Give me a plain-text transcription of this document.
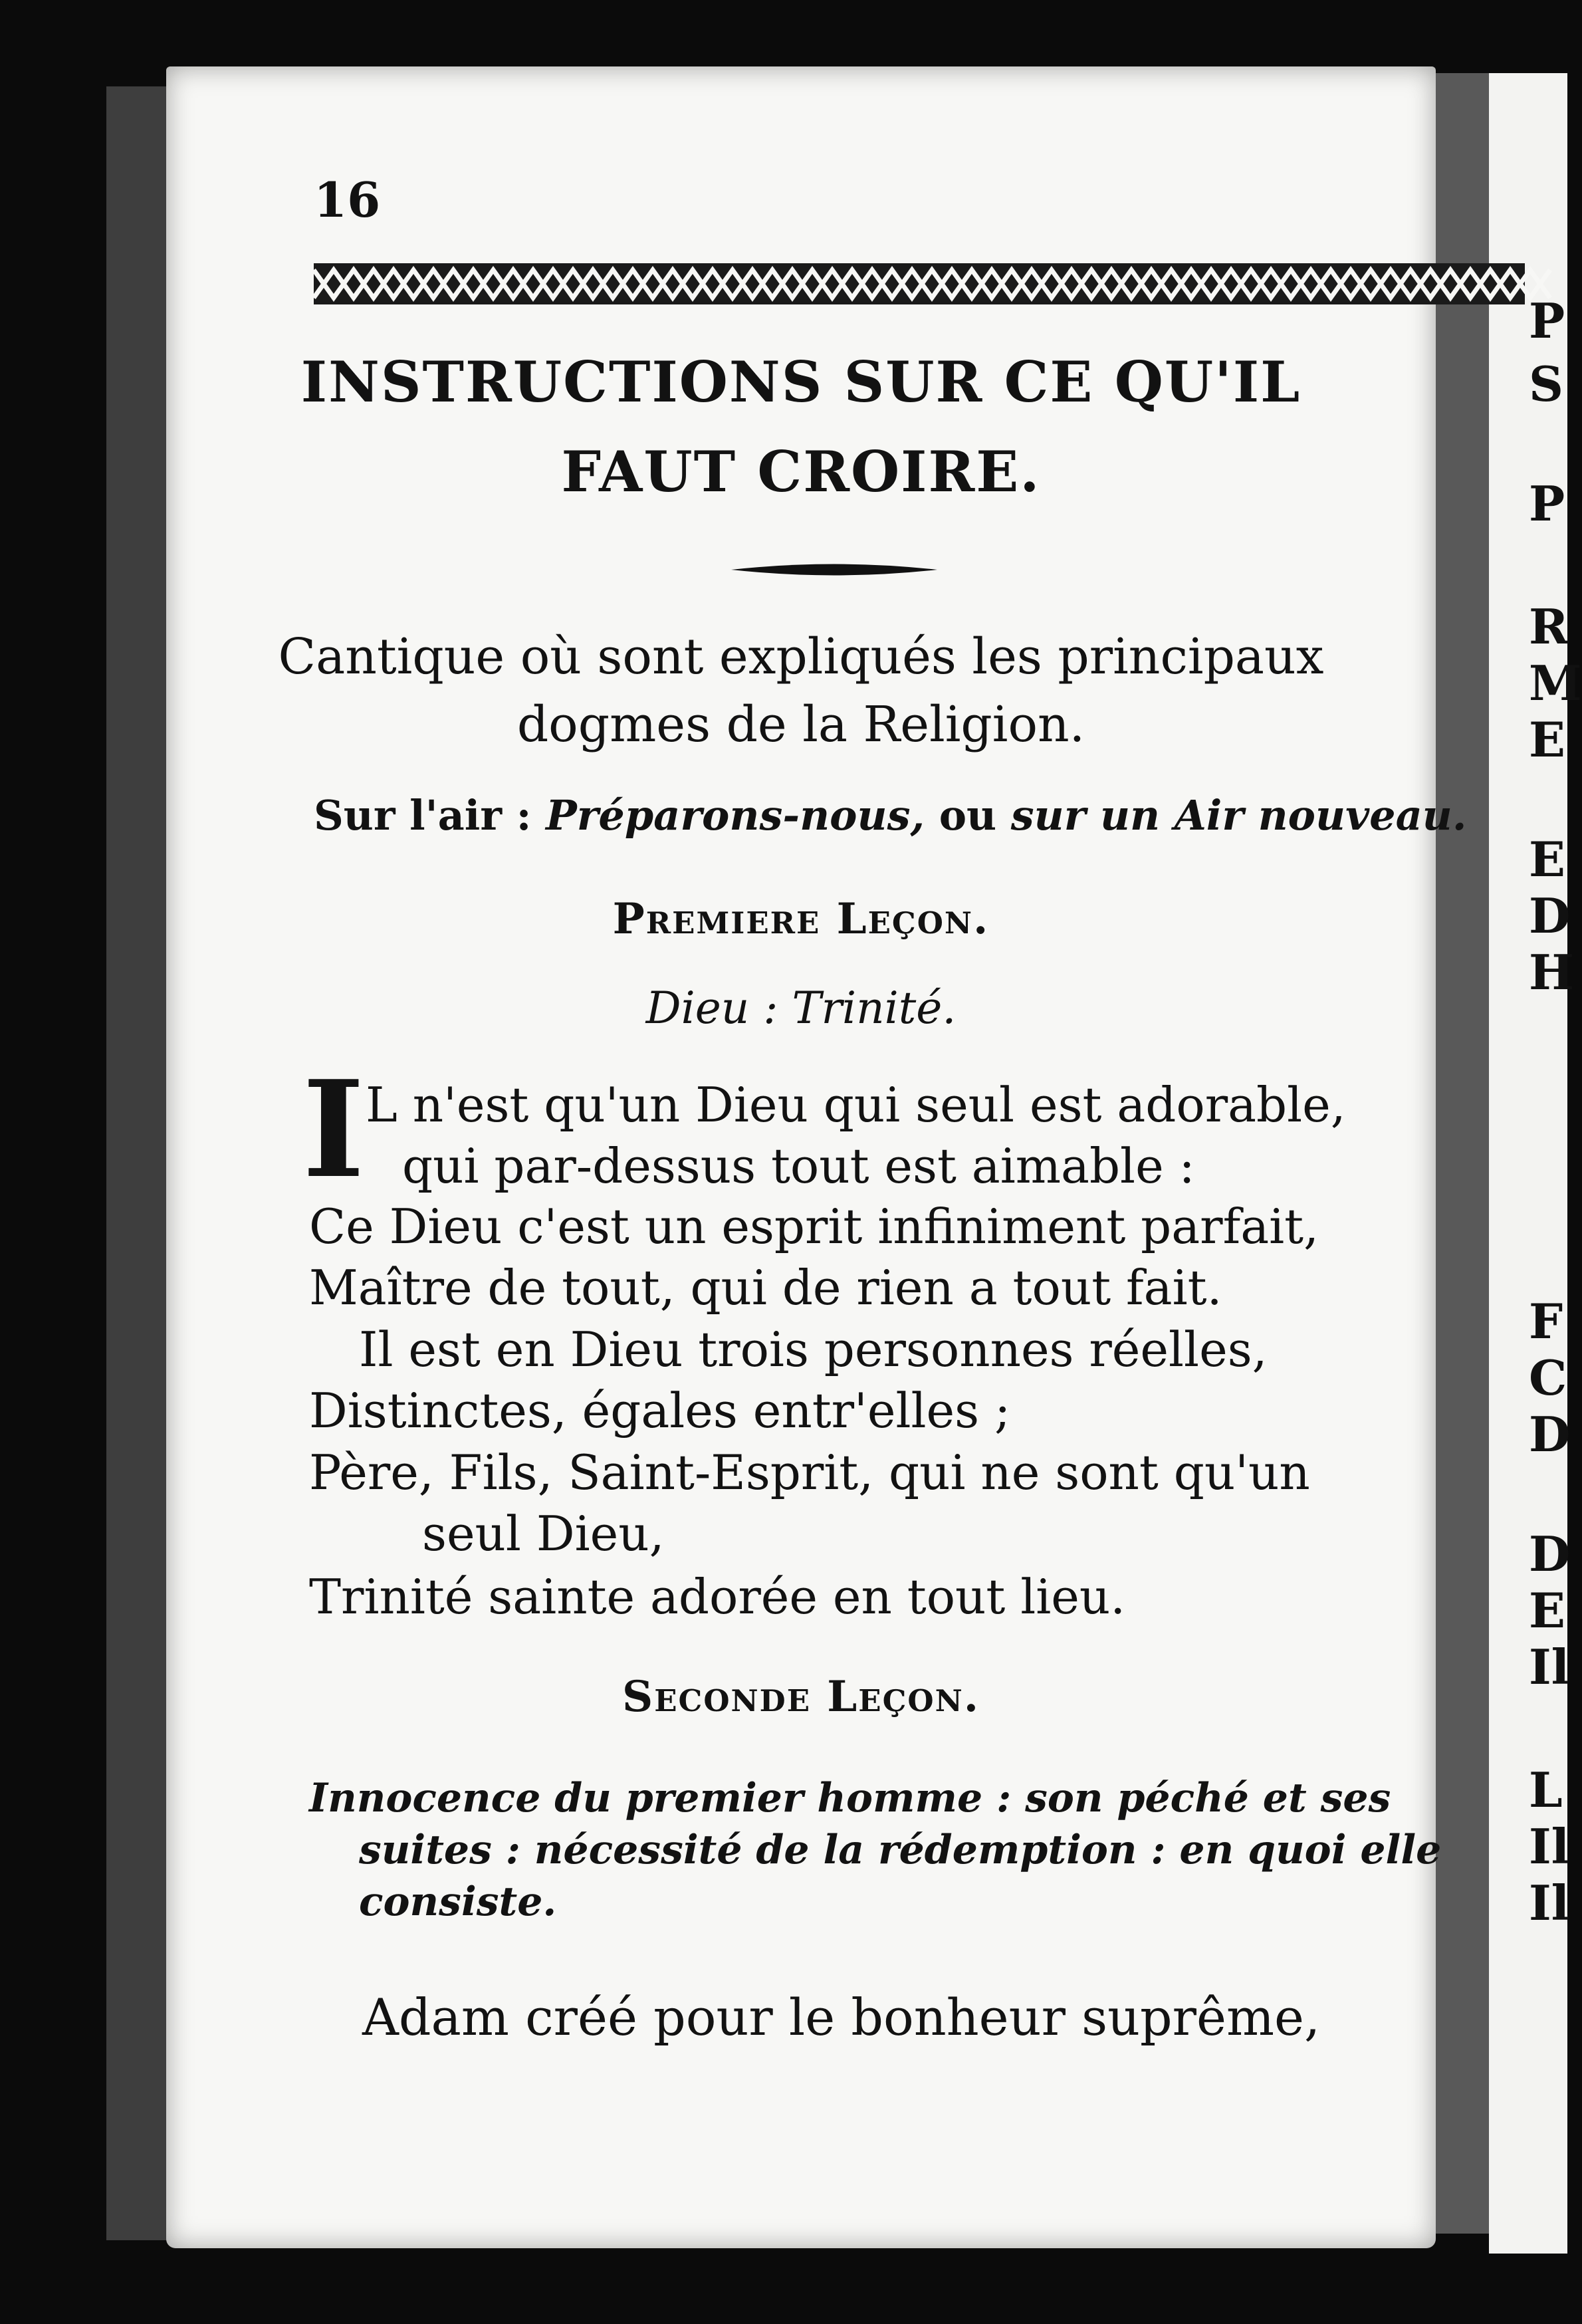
16

INSTRUCTIONS SUR CE QU'IL

FAUT CROIRE.

Cantique où sont expliqués les principaux

dogmes de la Religion.

Sur l'air : Préparons-nous, ou sur un Air nouveau.

Premiere Leçon.

Dieu : Trinité.

I L n'est qu'un Dieu qui seul est adorable,

qui par-dessus tout est aimable :

Ce Dieu c'est un esprit infiniment parfait,

Maître de tout, qui de rien a tout fait.

Il est en Dieu trois personnes réelles,

Distinctes, égales entr'elles ;

Père, Fils, Saint-Esprit, qui ne sont qu'un

seul Dieu,

Trinité sainte adorée en tout lieu.

Seconde Leçon.

Innocence du premier homme : son péché et ses

suites : nécessité de la rédemption : en quoi elle

consiste.

Adam créé pour le bonheur suprême,

P
S
P
R
M
E
E
D
H
F
C
D
D
E
Il
L
Il
Il
